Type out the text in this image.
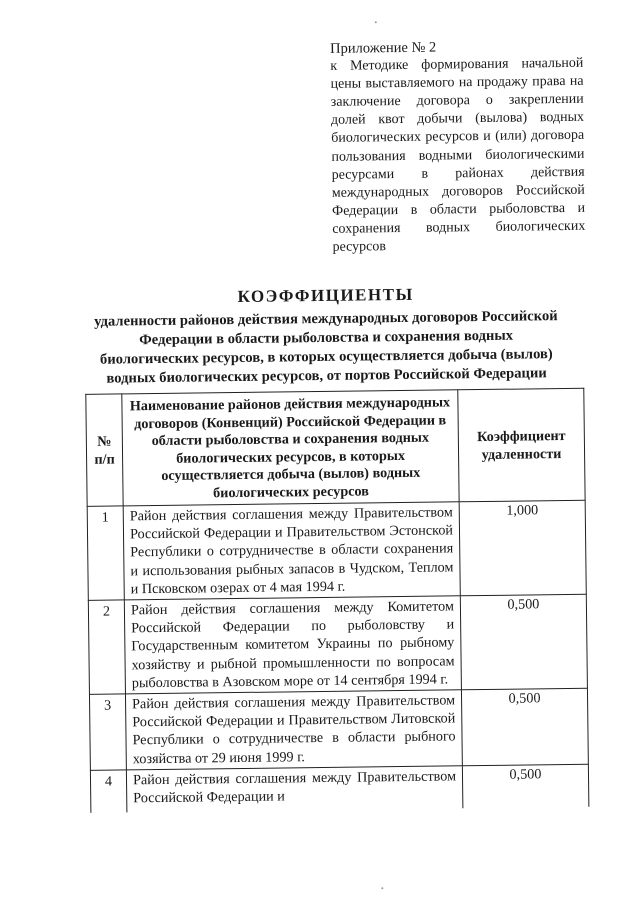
Приложение № 2
к Методике формирования начальной цены выставляемого на продажу права на заключение договора о закреплении долей квот добычи (вылова) водных биологических ресурсов и (или) договора пользования водными биологическими ресурсами в районах действия международных договоров Российской Федерации в области рыболовства и сохранения водных биологических ресурсов
КОЭФФИЦИЕНТЫ
удаленности районов действия международных договоров Российской Федерации в области рыболовства и сохранения водных биологических ресурсов, в которых осуществляется добыча (вылов) водных биологических ресурсов, от портов Российской Федерации
№ п/п	Наименование районов действия международных договоров (Конвенций) Российской Федерации в области рыболовства и сохранения водных биологических ресурсов, в которых осуществляется добыча (вылов) водных биологических ресурсов	Коэффициент удаленности
1	Район действия соглашения между Правительством Российской Федерации и Правительством Эстонской Республики о сотрудничестве в области сохранения и использования рыбных запасов в Чудском, Теплом и Псковском озерах от 4 мая 1994 г.	1,000
2	Район действия соглашения между Комитетом Российской Федерации по рыболовству и Государственным комитетом Украины по рыбному хозяйству и рыбной промышленности по вопросам рыболовства в Азовском море от 14 сентября 1994 г.	0,500
3	Район действия соглашения между Правительством Российской Федерации и Правительством Литовской Республики о сотрудничестве в области рыбного хозяйства от 29 июня 1999 г.	0,500
4	Район действия соглашения между Правительством Российской Федерации и	0,500
